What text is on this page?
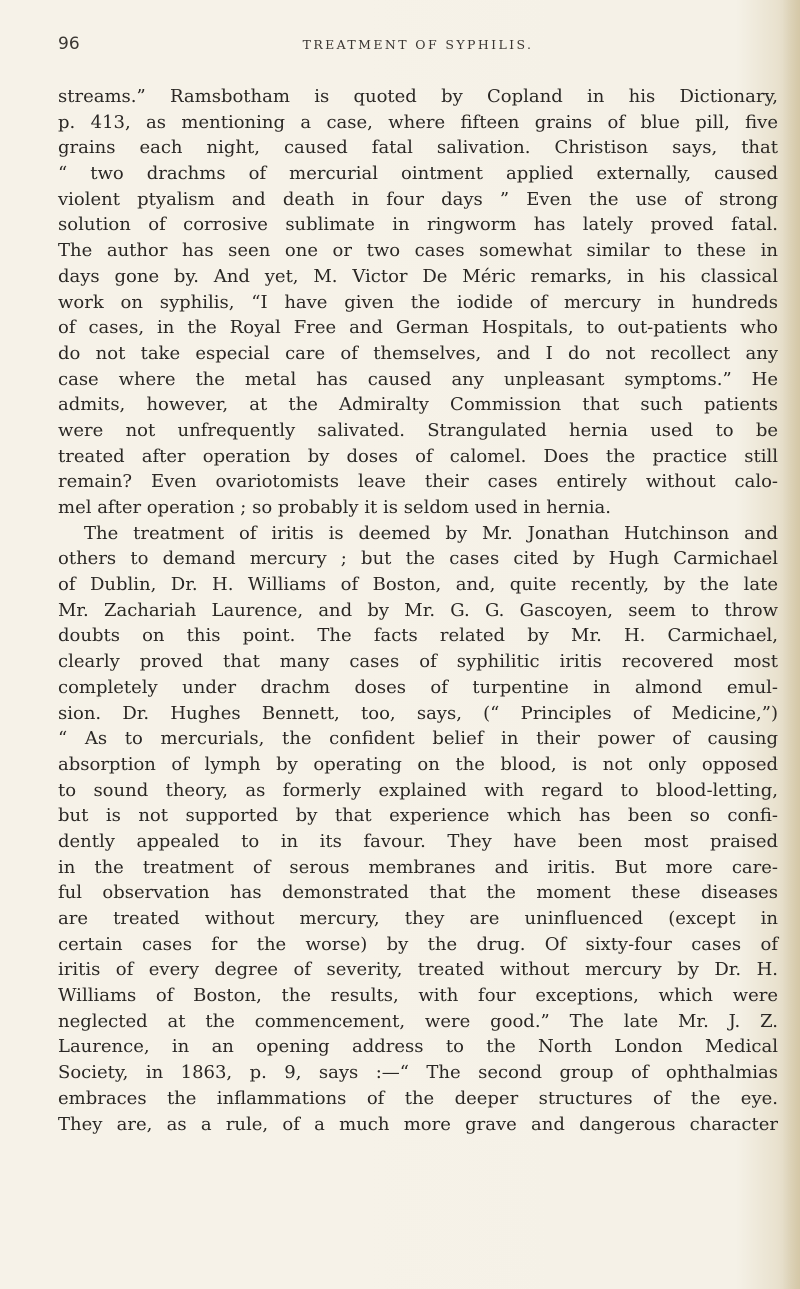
96	TREATMENT OF SYPHILIS.
streams.” Ramsbotham is quoted by Copland in his Dictionary,
p. 413, as mentioning a case, where fifteen grains of blue pill, five
grains each night, caused fatal salivation. Christison says, that
“ two drachms of mercurial ointment applied externally, caused
violent ptyalism and death in four days ” Even the use of strong
solution of corrosive sublimate in ringworm has lately proved fatal.
The author has seen one or two cases somewhat similar to these in
days gone by. And yet, M. Victor De Méric remarks, in his classical
work on syphilis, “I have given the iodide of mercury in hundreds
of cases, in the Royal Free and German Hospitals, to out-patients who
do not take especial care of themselves, and I do not recollect any
case where the metal has caused any unpleasant symptoms.” He
admits, however, at the Admiralty Commission that such patients
were not unfrequently salivated. Strangulated hernia used to be
treated after operation by doses of calomel. Does the practice still
remain? Even ovariotomists leave their cases entirely without calo-
mel after operation ; so probably it is seldom used in hernia.
The treatment of iritis is deemed by Mr. Jonathan Hutchinson and
others to demand mercury ; but the cases cited by Hugh Carmichael
of Dublin, Dr. H. Williams of Boston, and, quite recently, by the late
Mr. Zachariah Laurence, and by Mr. G. G. Gascoyen, seem to throw
doubts on this point. The facts related by Mr. H. Carmichael,
clearly proved that many cases of syphilitic iritis recovered most
completely under drachm doses of turpentine in almond emul-
sion. Dr. Hughes Bennett, too, says, (“ Principles of Medicine,”)
“ As to mercurials, the confident belief in their power of causing
absorption of lymph by operating on the blood, is not only opposed
to sound theory, as formerly explained with regard to blood-letting,
but is not supported by that experience which has been so confi-
dently appealed to in its favour. They have been most praised
in the treatment of serous membranes and iritis. But more care-
ful observation has demonstrated that the moment these diseases
are treated without mercury, they are uninfluenced (except in
certain cases for the worse) by the drug. Of sixty-four cases of
iritis of every degree of severity, treated without mercury by Dr. H.
Williams of Boston, the results, with four exceptions, which were
neglected at the commencement, were good.” The late Mr. J. Z.
Laurence, in an opening address to the North London Medical
Society, in 1863, p. 9, says :—“ The second group of ophthalmias
embraces the inflammations of the deeper structures of the eye.
They are, as a rule, of a much more grave and dangerous character
